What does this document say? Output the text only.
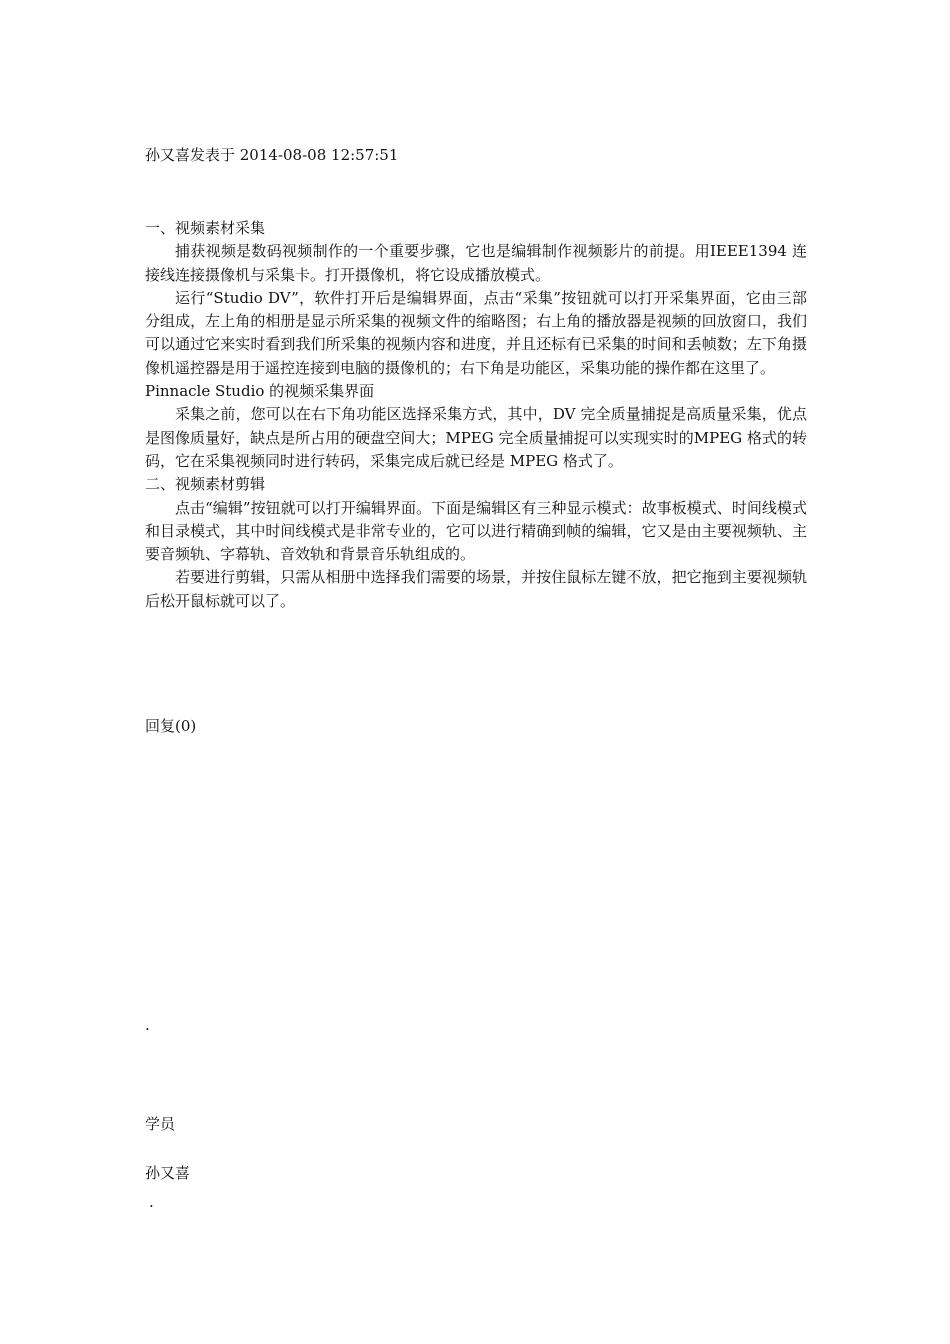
孙又喜发表于 2014-08-08 12:57:51

一、视频素材采集

捕获视频是数码视频制作的一个重要步骤，它也是编辑制作视频影片的前提。用IEEE1394 连接线连接摄像机与采集卡。打开摄像机，将它设成播放模式。

运行“Studio DV”，软件打开后是编辑界面，点击“采集”按钮就可以打开采集界面，它由三部分组成，左上角的相册是显示所采集的视频文件的缩略图；右上角的播放器是视频的回放窗口，我们可以通过它来实时看到我们所采集的视频内容和进度，并且还标有已采集的时间和丢帧数；左下角摄像机遥控器是用于遥控连接到电脑的摄像机的；右下角是功能区，采集功能的操作都在这里了。

Pinnacle Studio 的视频采集界面

采集之前，您可以在右下角功能区选择采集方式，其中，DV 完全质量捕捉是高质量采集，优点是图像质量好，缺点是所占用的硬盘空间大；MPEG 完全质量捕捉可以实现实时的MPEG 格式的转码，它在采集视频同时进行转码，采集完成后就已经是 MPEG 格式了。

二、视频素材剪辑

点击“编辑”按钮就可以打开编辑界面。下面是编辑区有三种显示模式：故事板模式、时间线模式和目录模式，其中时间线模式是非常专业的，它可以进行精确到帧的编辑，它又是由主要视频轨、主要音频轨、字幕轨、音效轨和背景音乐轨组成的。

若要进行剪辑，只需从相册中选择我们需要的场景，并按住鼠标左键不放，把它拖到主要视频轨后松开鼠标就可以了。

回复(0)
.
学员
孙又喜
.
